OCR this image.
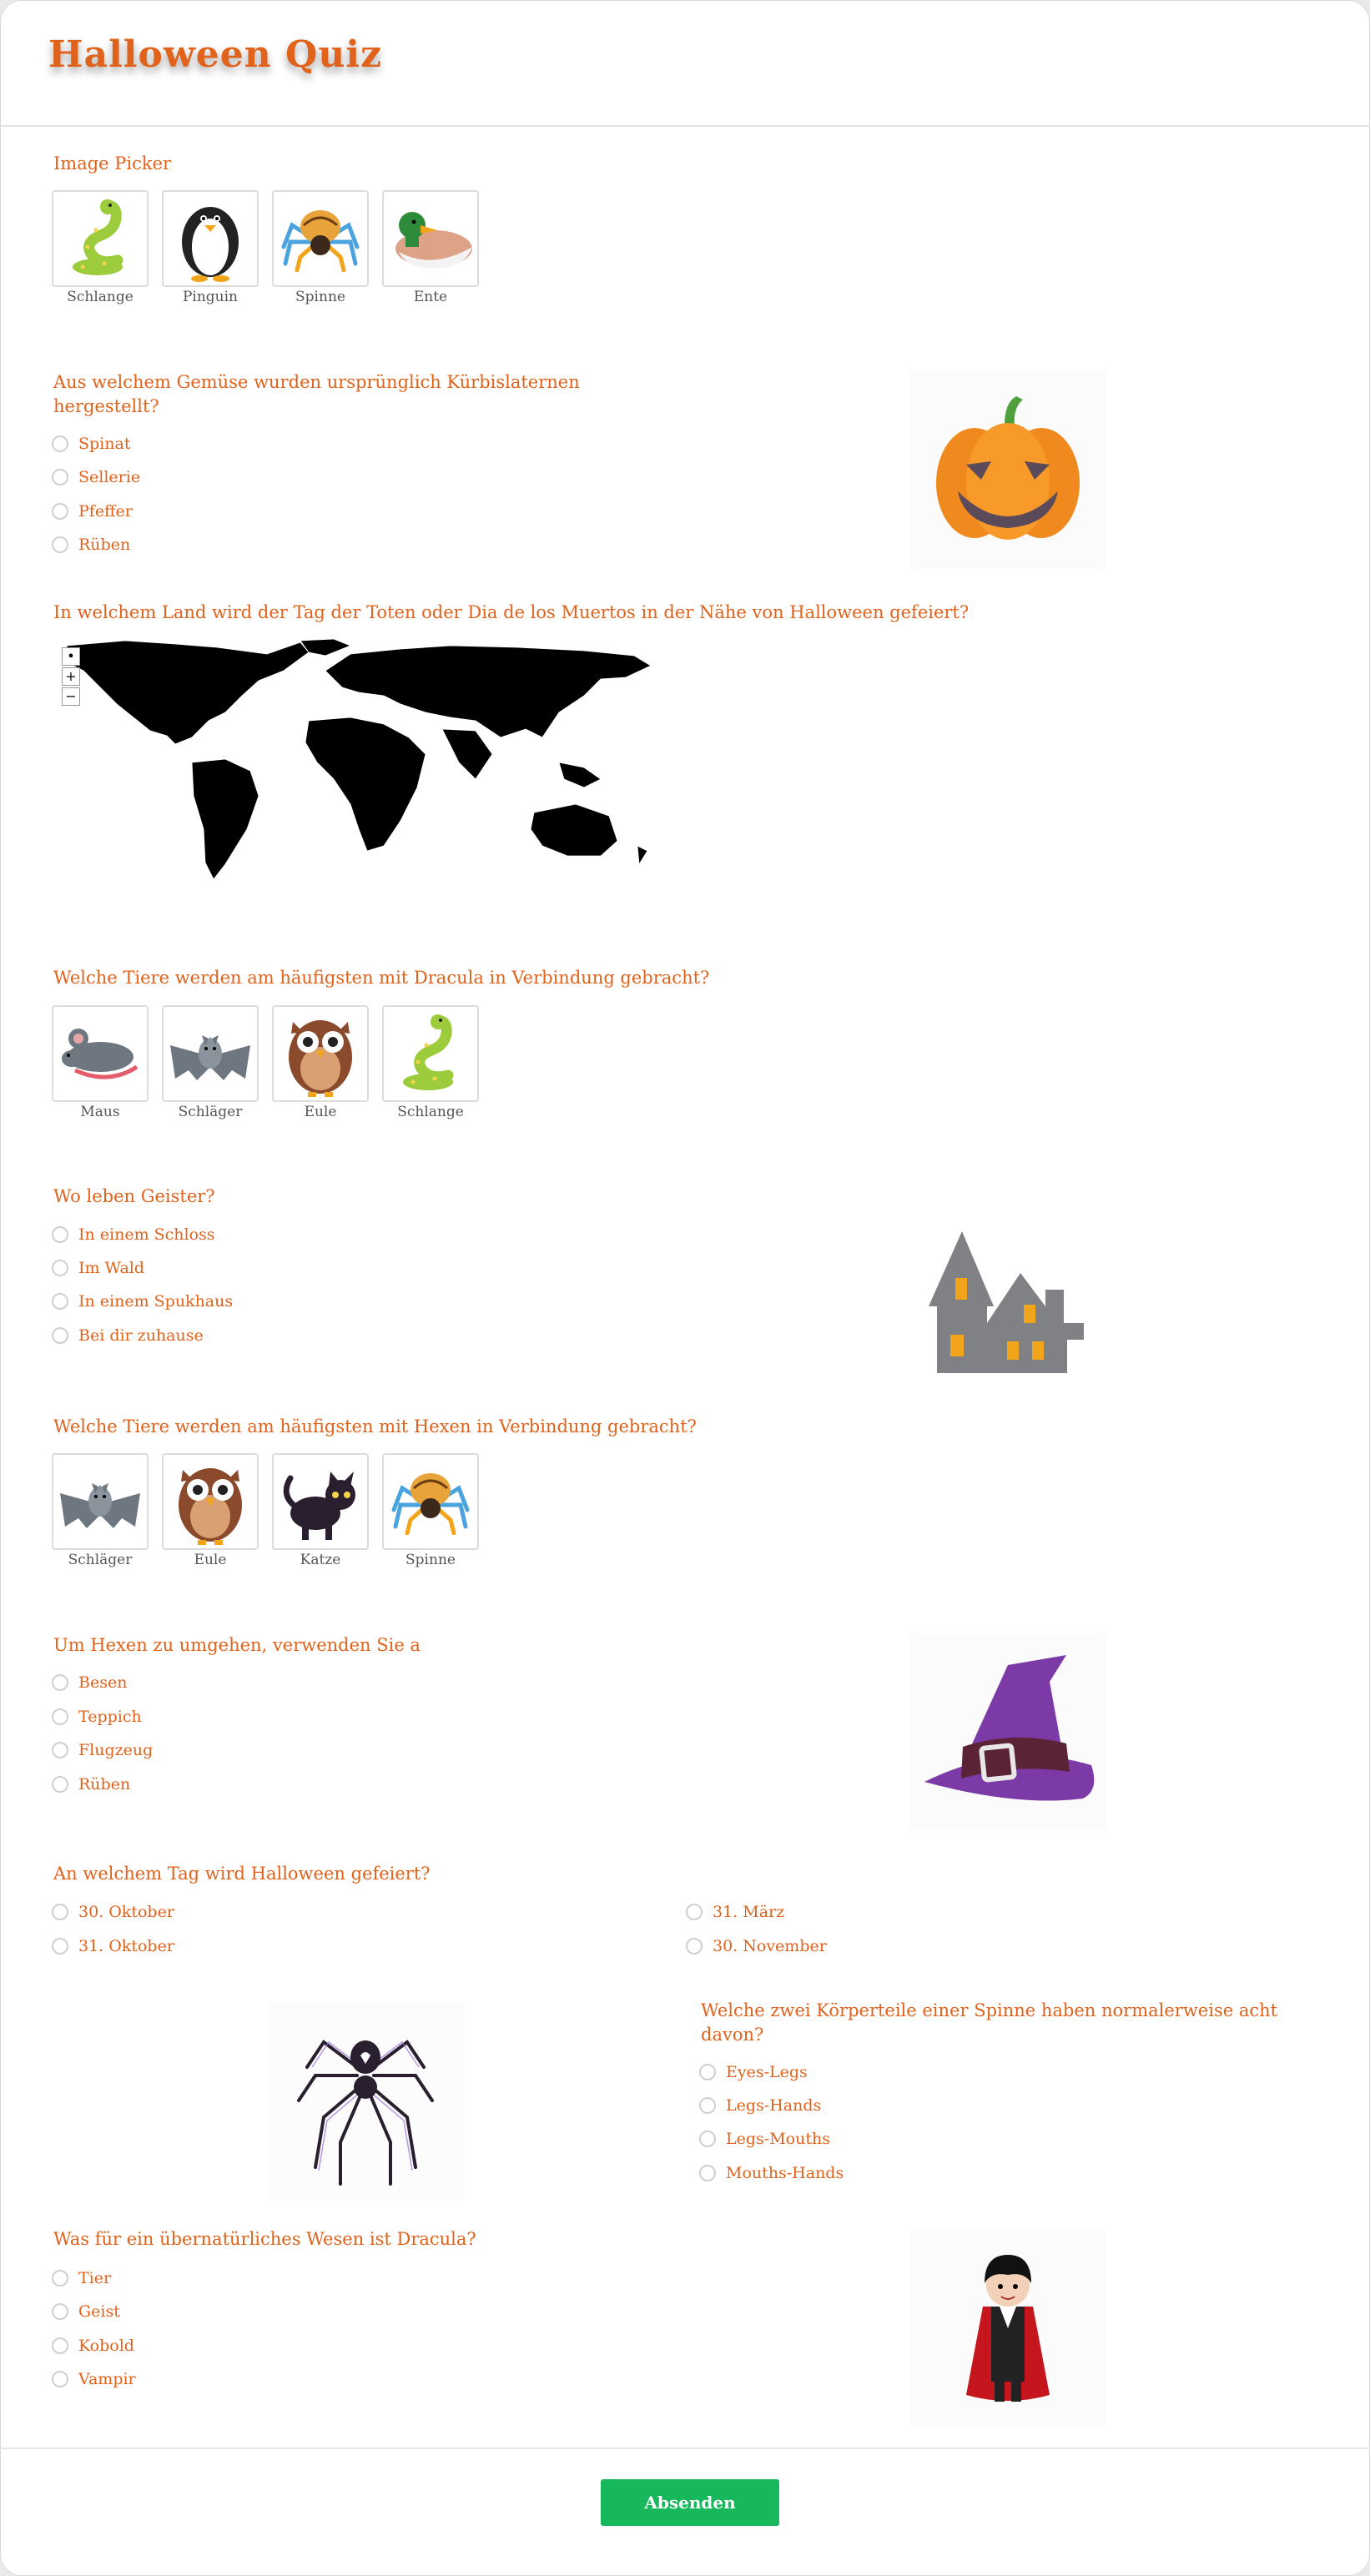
Halloween Quiz
Image Picker
Schlange	Pinguin	Spinne	Ente
Aus welchem Gemüse wurden ursprünglich Kürbislaternen
hergestellt?
Spinat
Sellerie
Pfeffer
Rüben
In welchem Land wird der Tag der Toten oder Dia de los Muertos in der Nähe von Halloween gefeiert?
•
+
−
Welche Tiere werden am häufigsten mit Dracula in Verbindung gebracht?
Maus	Schläger	Eule	Schlange
Wo leben Geister?
In einem Schloss
Im Wald
In einem Spukhaus
Bei dir zuhause
Welche Tiere werden am häufigsten mit Hexen in Verbindung gebracht?
Schläger	Eule	Katze	Spinne
Um Hexen zu umgehen, verwenden Sie a
Besen
Teppich
Flugzeug
Rüben
An welchem Tag wird Halloween gefeiert?
30. Oktober
31. Oktober
31. März
30. November
Welche zwei Körperteile einer Spinne haben normalerweise acht
davon?
Eyes-Legs
Legs-Hands
Legs-Mouths
Mouths-Hands
Was für ein übernatürliches Wesen ist Dracula?
Tier
Geist
Kobold
Vampir
Absenden
